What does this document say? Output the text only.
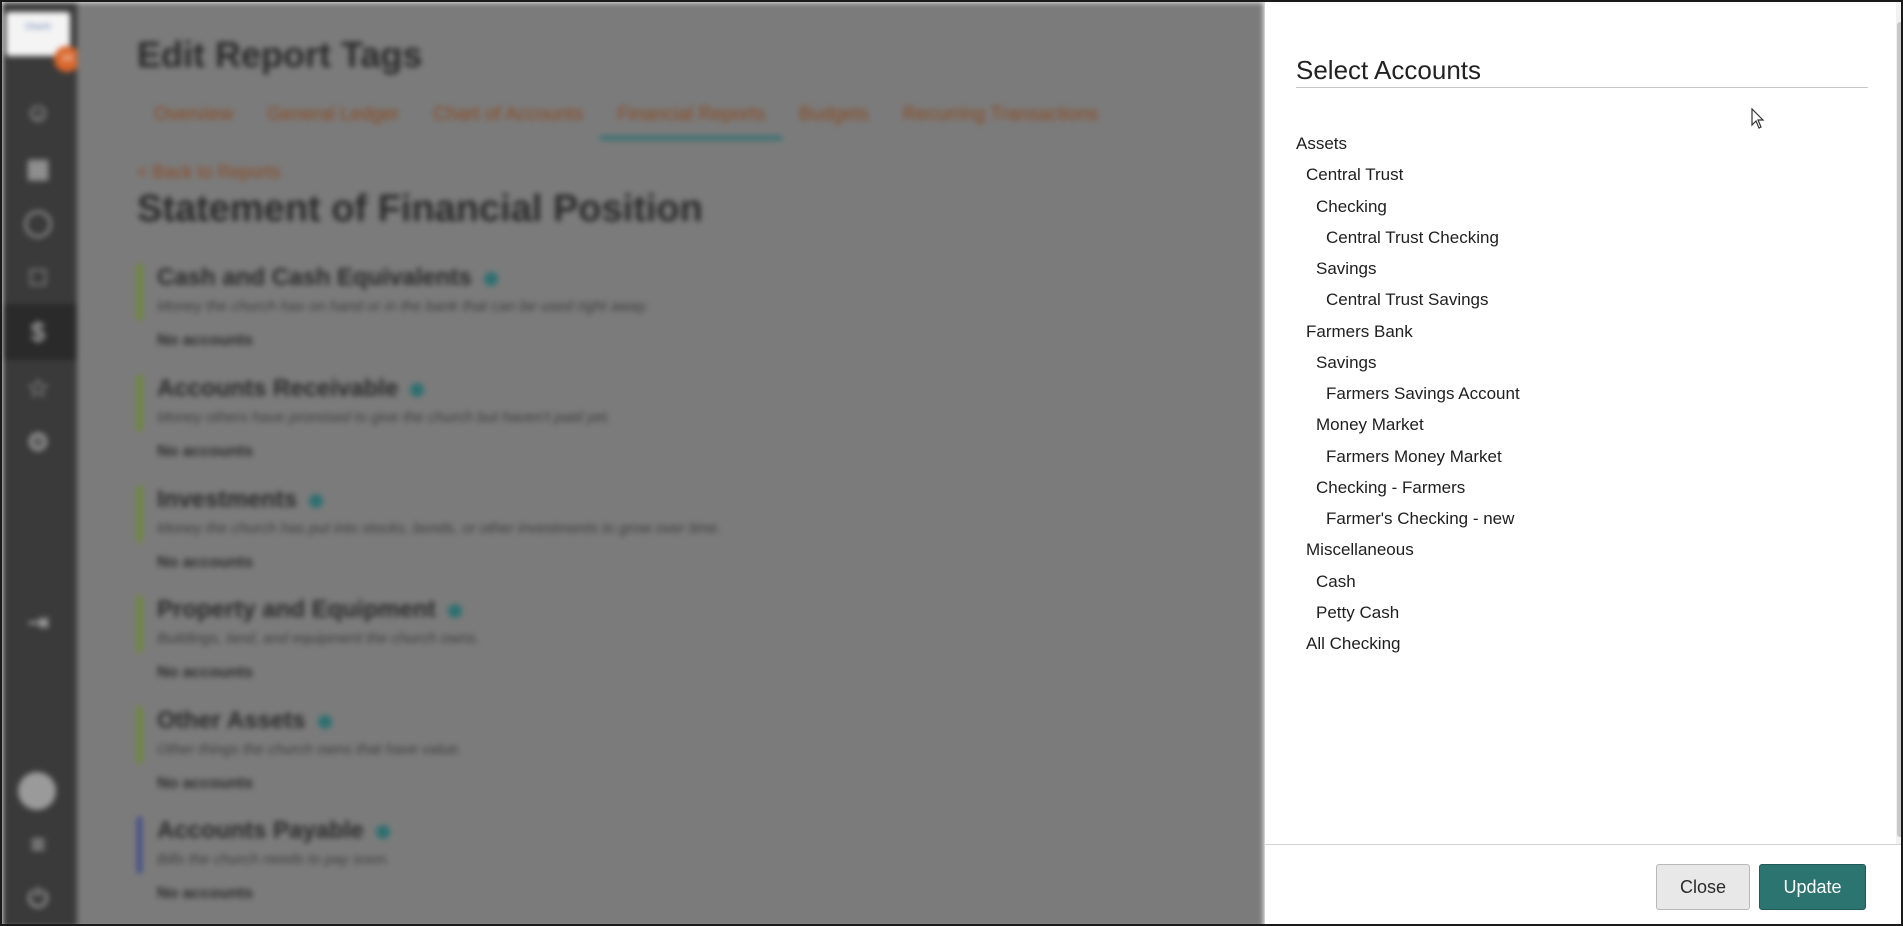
Church
24
☺
▦
◯
□
$
☆
⚙
⇥
≡
⏻
Edit Report Tags
Overview	General Ledger	Chart of Accounts	Financial Reports	Budgets	Recurring Transactions
< Back to Reports
Statement of Financial Position
Cash and Cash Equivalents
Money the church has on hand or in the bank that can be used right away.
No accounts
Accounts Receivable
Money others have promised to give the church but haven't paid yet.
No accounts
Investments
Money the church has put into stocks, bonds, or other investments to grow over time.
No accounts
Property and Equipment
Buildings, land, and equipment the church owns.
No accounts
Other Assets
Other things the church owns that have value.
No accounts
Accounts Payable
Bills the church needs to pay soon.
No accounts
Select Accounts
Assets
Central Trust
Checking
Central Trust Checking
Savings
Central Trust Savings
Farmers Bank
Savings
Farmers Savings Account
Money Market
Farmers Money Market
Checking - Farmers
Farmer's Checking - new
Miscellaneous
Cash
Petty Cash
All Checking
Close	Update
